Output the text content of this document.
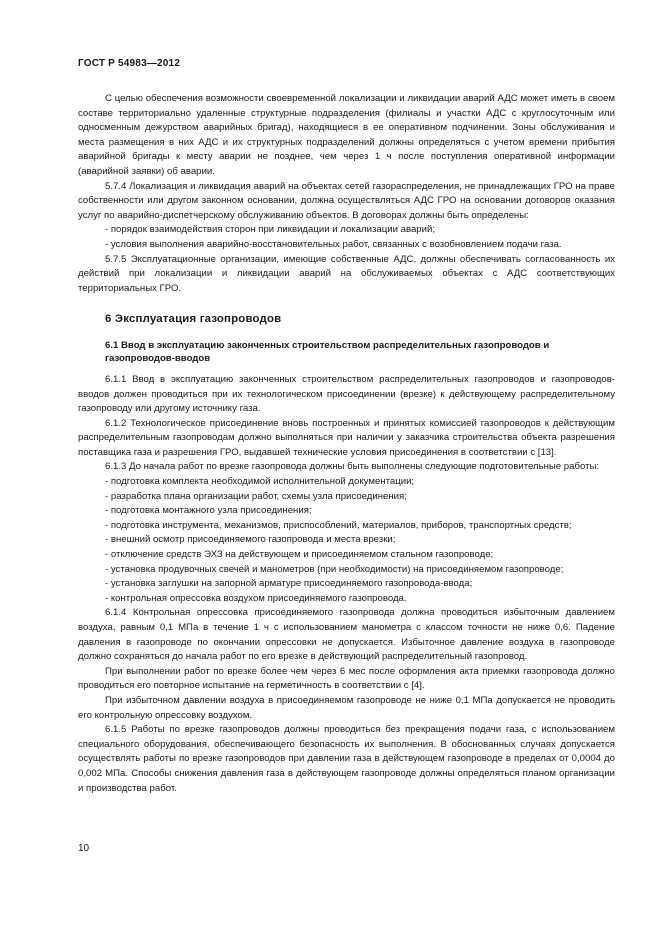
ГОСТ Р 54983—2012

С целью обеспечения возможности своевременной локализации и ликвидации аварий АДС может иметь в своем составе территориально удаленные структурные подразделения (филиалы и участки АДС с круглосуточным или односменным дежурством аварийных бригад), находящиеся в ее оперативном подчинении. Зоны обслуживания и места размещения в них АДС и их структурных подразделений должны определяться с учетом времени прибытия аварийной бригады к месту аварии не позднее, чем через 1 ч после поступления оперативной информации (аварийной заявки) об аварии.

5.7.4 Локализация и ликвидация аварий на объектах сетей газораспределения, не принадлежащих ГРО на праве собственности или другом законном основании, должна осуществляться АДС ГРО на основании договоров оказания услуг по аварийно-диспетчерскому обслуживанию объектов. В договорах должны быть определены:

- порядок взаимодействия сторон при ликвидации и локализации аварий;

- условия выполнения аварийно-восстановительных работ, связанных с возобновлением подачи газа.

5.7.5 Эксплуатационные организации, имеющие собственные АДС, должны обеспечивать согласованность их действий при локализации и ликвидации аварий на обслуживаемых объектах с АДС соответствующих территориальных ГРО.

6 Эксплуатация газопроводов
6.1 Ввод в эксплуатацию законченных строительством распределительных газопроводов и газопроводов-вводов

6.1.1 Ввод в эксплуатацию законченных строительством распределительных газопроводов и газопроводов-вводов должен проводиться при их технологическом присоединении (врезке) к действующему распределительному газопроводу или другому источнику газа.

6.1.2 Технологическое присоединение вновь построенных и принятых комиссией газопроводов к действующим распределительным газопроводам должно выполняться при наличии у заказчика строительства объекта разрешения поставщика газа и разрешения ГРО, выдавшей технические условия присоединения в соответствии с [13].

6.1.3 До начала работ по врезке газопровода должны быть выполнены следующие подготовительные работы:

- подготовка комплекта необходимой исполнительной документации;

- разработка плана организации работ, схемы узла присоединения;

- подготовка монтажного узла присоединения;

- подготовка инструмента, механизмов, приспособлений, материалов, приборов, транспортных средств;

- внешний осмотр присоединяемого газопровода и места врезки;

- отключение средств ЭХЗ на действующем и присоединяемом стальном газопроводе;

- установка продувочных свечей и манометров (при необходимости) на присоединяемом газопроводе;

- установка заглушки на запорной арматуре присоединяемого газопровода-ввода;

- контрольная опрессовка воздухом присоединяемого газопровода.

6.1.4 Контрольная опрессовка присоединяемого газопровода должна проводиться избыточным давлением воздуха, равным 0,1 МПа в течение 1 ч с использованием манометра с классом точности не ниже 0,6. Падение давления в газопроводе по окончании опрессовки не допускается. Избыточное давление воздуха в газопроводе должно сохраняться до начала работ по его врезке в действующий распределительный газопровод.

При выполнении работ по врезке более чем через 6 мес после оформления акта приемки газопровода должно проводиться его повторное испытание на герметичность в соответствии с [4].

При избыточном давлении воздуха в присоединяемом газопроводе не ниже 0,1 МПа допускается не проводить его контрольную опрессовку воздухом.

6.1.5 Работы по врезке газопроводов должны проводиться без прекращения подачи газа, с использованием специального оборудования, обеспечивающего безопасность их выполнения. В обоснованных случаях допускается осуществлять работы по врезке газопроводов при давлении газа в действующем газопроводе в пределах от 0,0004 до 0,002 МПа. Способы снижения давления газа в действующем газопроводе должны определяться планом организации и производства работ.

10
